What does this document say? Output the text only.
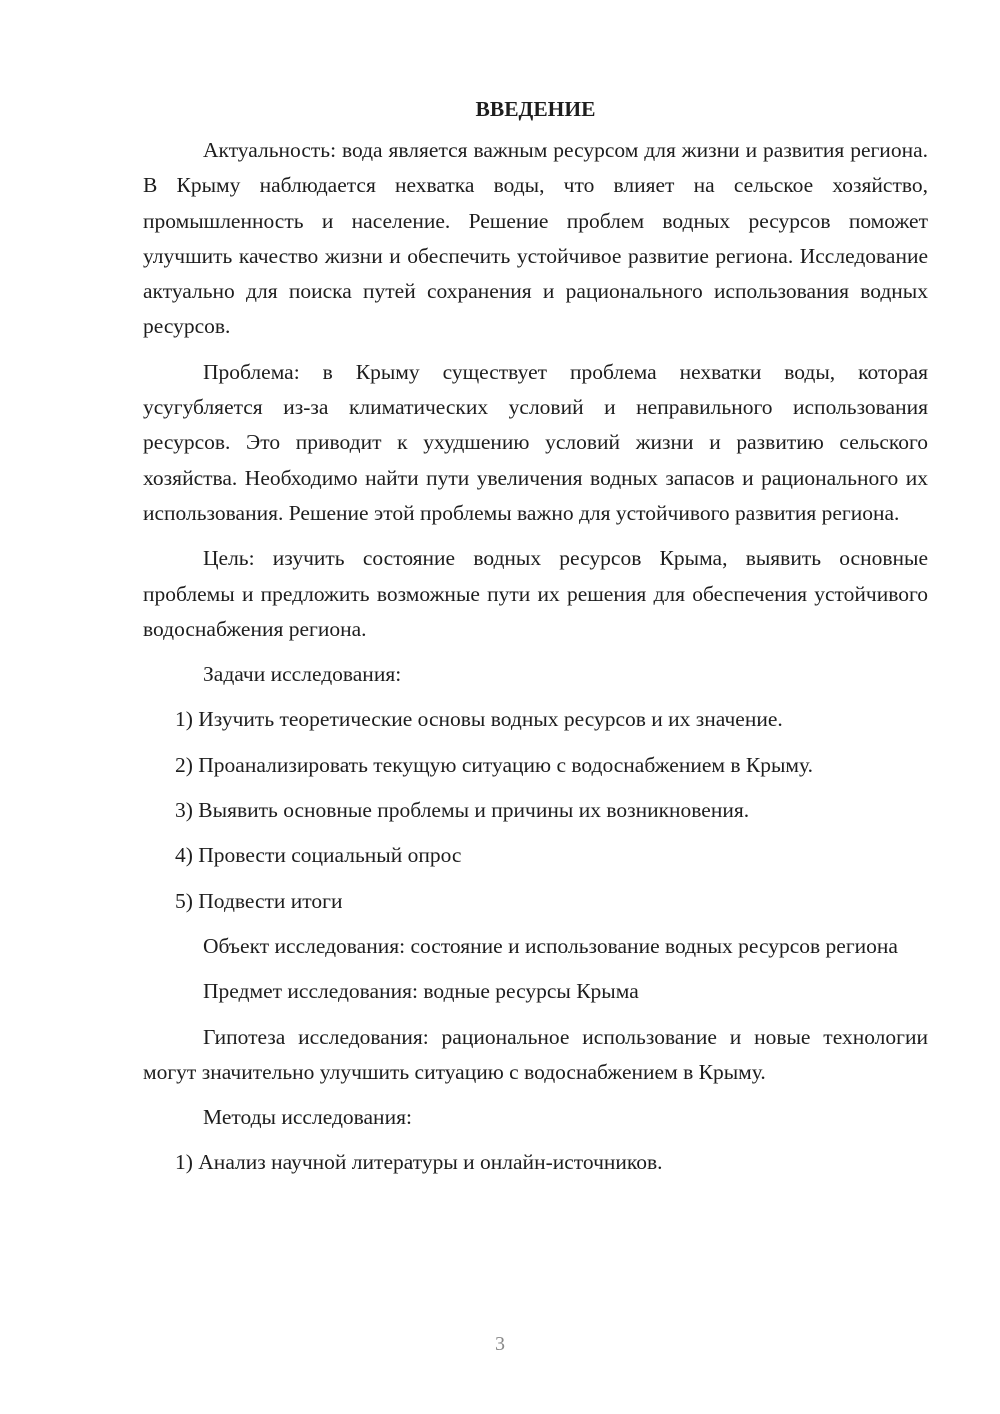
ВВЕДЕНИЕ
Актуальность: вода является важным ресурсом для жизни и развития региона. В Крыму наблюдается нехватка воды, что влияет на сельское хозяйство, промышленность и население. Решение проблем водных ресурсов поможет улучшить качество жизни и обеспечить устойчивое развитие региона. Исследование актуально для поиска путей сохранения и рационального использования водных ресурсов.
Проблема: в Крыму существует проблема нехватки воды, которая усугубляется из-за климатических условий и неправильного использования ресурсов. Это приводит к ухудшению условий жизни и развитию сельского хозяйства. Необходимо найти пути увеличения водных запасов и рационального их использования. Решение этой проблемы важно для устойчивого развития региона.
Цель: изучить состояние водных ресурсов Крыма, выявить основные проблемы и предложить возможные пути их решения для обеспечения устойчивого водоснабжения региона.
Задачи исследования:
1) Изучить теоретические основы водных ресурсов и их значение.
2) Проанализировать текущую ситуацию с водоснабжением в Крыму.
3) Выявить основные проблемы и причины их возникновения.
4) Провести социальный опрос
5) Подвести итоги
Объект исследования: состояние и использование водных ресурсов региона
Предмет исследования: водные ресурсы Крыма
Гипотеза исследования: рациональное использование и новые технологии могут значительно улучшить ситуацию с водоснабжением в Крыму.
Методы исследования:
1) Анализ научной литературы и онлайн-источников.
3
